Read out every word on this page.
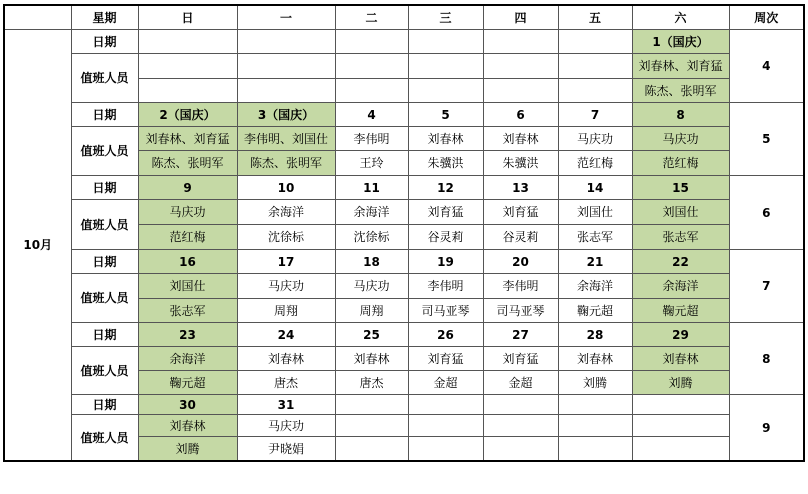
	星期	日	一	二	三	四	五	六	周次
10月	日期							1（国庆）	4
	值班人员							刘春林、刘育猛	
								陈杰、张明军	
	日期	2（国庆）	3（国庆）	4	5	6	7	8	5
	值班人员	刘春林、刘育猛	李伟明、刘国仕	李伟明	刘春林	刘春林	马庆功	马庆功	
		陈杰、张明军	陈杰、张明军	王玲	朱骥洪	朱骥洪	范红梅	范红梅	
	日期	9	10	11	12	13	14	15	6
	值班人员	马庆功	余海洋	余海洋	刘育猛	刘育猛	刘国仕	刘国仕	
		范红梅	沈徐标	沈徐标	谷灵莉	谷灵莉	张志军	张志军	
	日期	16	17	18	19	20	21	22	7
	值班人员	刘国仕	马庆功	马庆功	李伟明	李伟明	余海洋	余海洋	
		张志军	周翔	周翔	司马亚琴	司马亚琴	鞠元超	鞠元超	
	日期	23	24	25	26	27	28	29	8
	值班人员	余海洋	刘春林	刘春林	刘育猛	刘育猛	刘春林	刘春林	
		鞠元超	唐杰	唐杰	金超	金超	刘腾	刘腾	
	日期	30	31						9
	值班人员	刘春林	马庆功						
		刘腾	尹晓娟						
